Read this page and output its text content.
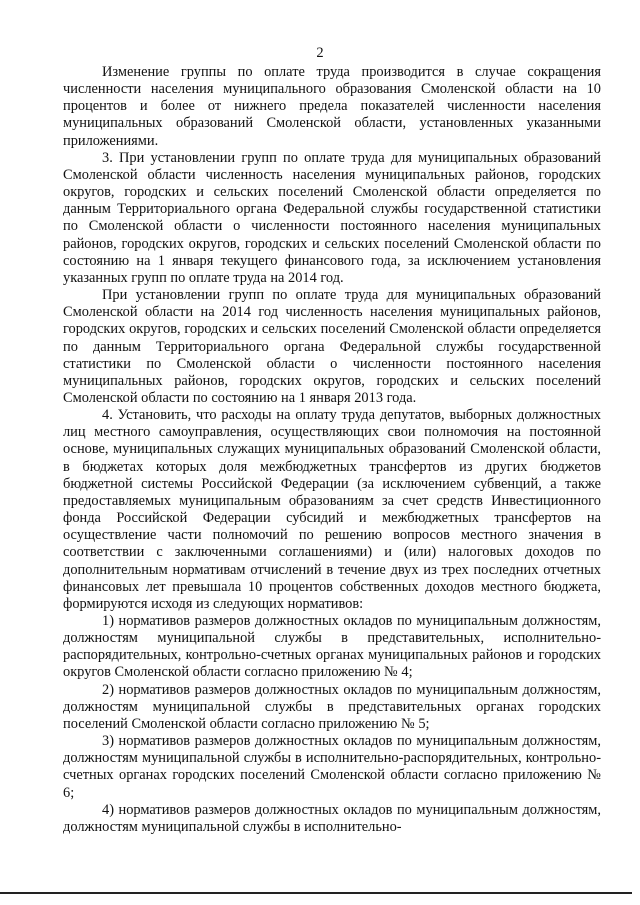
2

Изменение группы по оплате труда производится в случае сокращения численности населения муниципального образования Смоленской области на 10 процентов и более от нижнего предела показателей численности населения муниципальных образований Смоленской области, установленных указанными приложениями.

3. При установлении групп по оплате труда для муниципальных образований Смоленской области численность населения муниципальных районов, городских округов, городских и сельских поселений Смоленской области определяется по данным Территориального органа Федеральной службы государственной статистики по Смоленской области о численности постоянного населения муниципальных районов, городских округов, городских и сельских поселений Смоленской области по состоянию на 1 января текущего финансового года, за исключением установления указанных групп по оплате труда на 2014 год.

При установлении групп по оплате труда для муниципальных образований Смоленской области на 2014 год численность населения муниципальных районов, городских округов, городских и сельских поселений Смоленской области определяется по данным Территориального органа Федеральной службы государственной статистики по Смоленской области о численности постоянного населения муниципальных районов, городских округов, городских и сельских поселений Смоленской области по состоянию на 1 января 2013 года.

4. Установить, что расходы на оплату труда депутатов, выборных должностных лиц местного самоуправления, осуществляющих свои полномочия на постоянной основе, муниципальных служащих муниципальных образований Смоленской области, в бюджетах которых доля межбюджетных трансфертов из других бюджетов бюджетной системы Российской Федерации (за исключением субвенций, а также предоставляемых муниципальным образованиям за счет средств Инвестиционного фонда Российской Федерации субсидий и межбюджетных трансфертов на осуществление части полномочий по решению вопросов местного значения в соответствии с заключенными соглашениями) и (или) налоговых доходов по дополнительным нормативам отчислений в течение двух из трех последних отчетных финансовых лет превышала 10 процентов собственных доходов местного бюджета, формируются исходя из следующих нормативов:

1) нормативов размеров должностных окладов по муниципальным должностям, должностям муниципальной службы в представительных, исполнительно-распорядительных, контрольно-счетных органах муниципальных районов и городских округов Смоленской области согласно приложению № 4;

2) нормативов размеров должностных окладов по муниципальным должностям, должностям муниципальной службы в представительных органах городских поселений Смоленской области согласно приложению № 5;

3) нормативов размеров должностных окладов по муниципальным должностям, должностям муниципальной службы в исполнительно-распорядительных, контрольно-счетных органах городских поселений Смоленской области согласно приложению № 6;

4) нормативов размеров должностных окладов по муниципальным должностям, должностям муниципальной службы в исполнительно-
